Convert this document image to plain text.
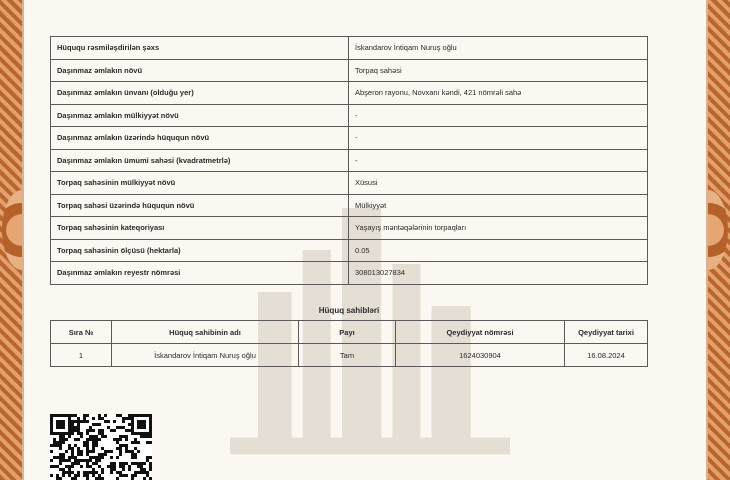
Hüququ rəsmiləşdirilən şəxs	İskandarov İntiqam Nuruş oğlu
Daşınmaz əmlakın növü	Torpaq sahəsi
Daşınmaz əmlakın ünvanı (olduğu yer)	Abşeron rayonu, Novxanı kəndi, 421 nömrəli sahə
Daşınmaz əmlakın mülkiyyət növü	-
Daşınmaz əmlakın üzərində hüququn növü	-
Daşınmaz əmlakın ümumi sahəsi (kvadratmetrlə)	-
Torpaq sahəsinin mülkiyyət növü	Xüsusi
Torpaq sahəsi üzərində hüququn növü	Mülkiyyət
Torpaq sahəsinin kateqoriyası	Yaşayış məntəqələrinin torpaqları
Torpaq sahəsinin ölçüsü (hektarla)	0.05
Daşınmaz əmlakın reyestr nömrəsi	308013027834
Hüquq sahibləri
Sıra №	Hüquq sahibinin adı	Payı	Qeydiyyat nömrəsi	Qeydiyyat tarixi
1	İskandarov İntiqam Nuruş oğlu	Tam	1624030904	16.08.2024
